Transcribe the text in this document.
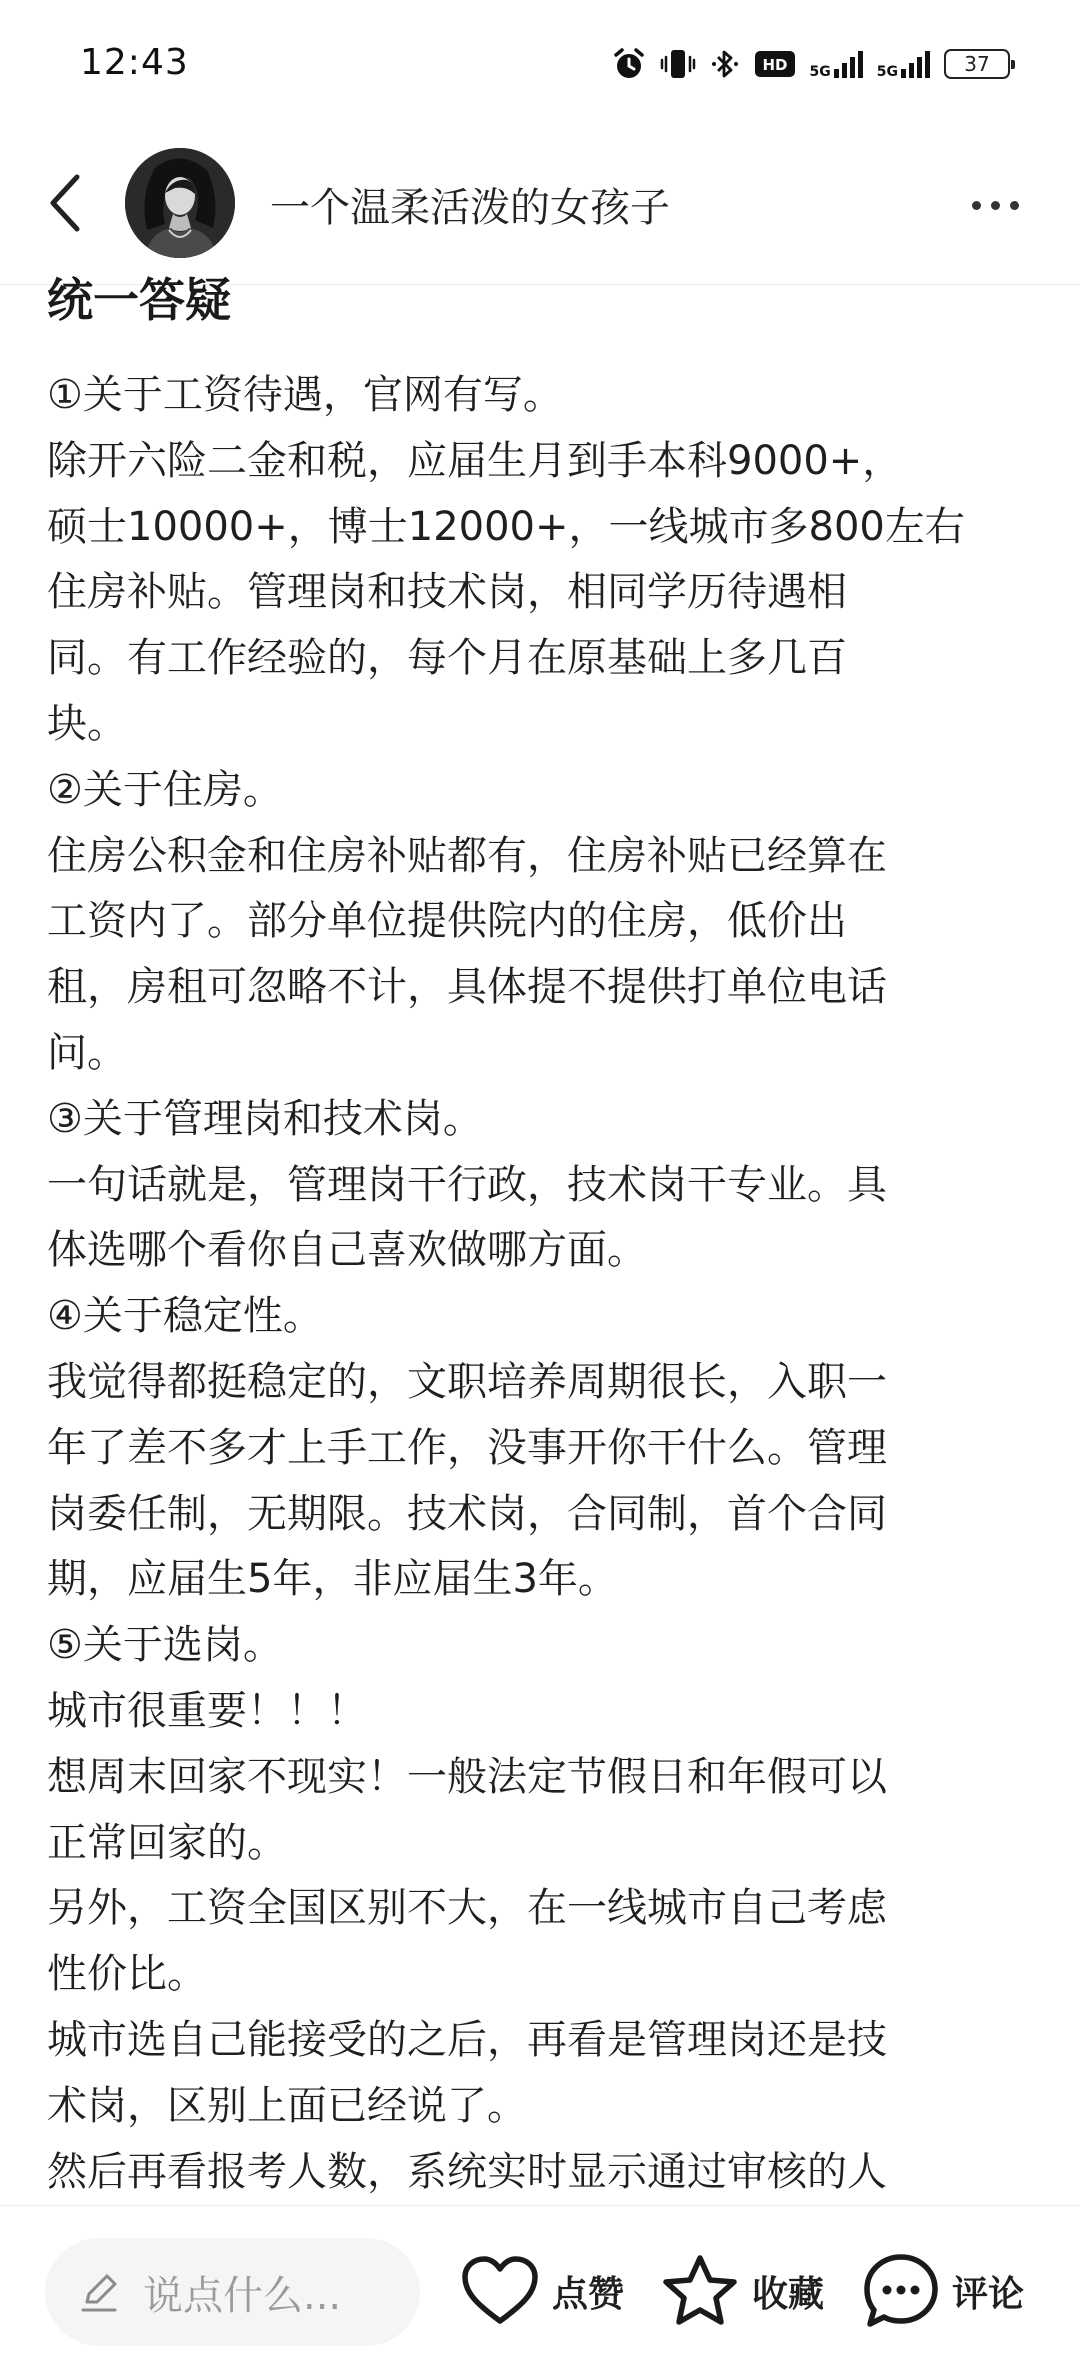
12:43	HD 5G	5G	37
一个温柔活泼的女孩子
统一答疑

①关于工资待遇，官网有写。

除开六险二金和税，应届生月到手本科9000+，

硕士10000+，博士12000+，一线城市多800左右

住房补贴。管理岗和技术岗，相同学历待遇相

同。有工作经验的，每个月在原基础上多几百

块。

②关于住房。

住房公积金和住房补贴都有，住房补贴已经算在

工资内了。部分单位提供院内的住房，低价出

租，房租可忽略不计，具体提不提供打单位电话

问。

③关于管理岗和技术岗。

一句话就是，管理岗干行政，技术岗干专业。具

体选哪个看你自己喜欢做哪方面。

④关于稳定性。

我觉得都挺稳定的，文职培养周期很长，入职一

年了差不多才上手工作，没事开你干什么。管理

岗委任制，无期限。技术岗，合同制，首个合同

期，应届生5年，非应届生3年。

⑤关于选岗。

城市很重要！！！

想周末回家不现实！一般法定节假日和年假可以

正常回家的。

另外，工资全国区别不大，在一线城市自己考虑

性价比。

城市选自己能接受的之后，再看是管理岗还是技

术岗，区别上面已经说了。

然后再看报考人数，系统实时显示通过审核的人

说点什么...	点赞	收藏	评论
